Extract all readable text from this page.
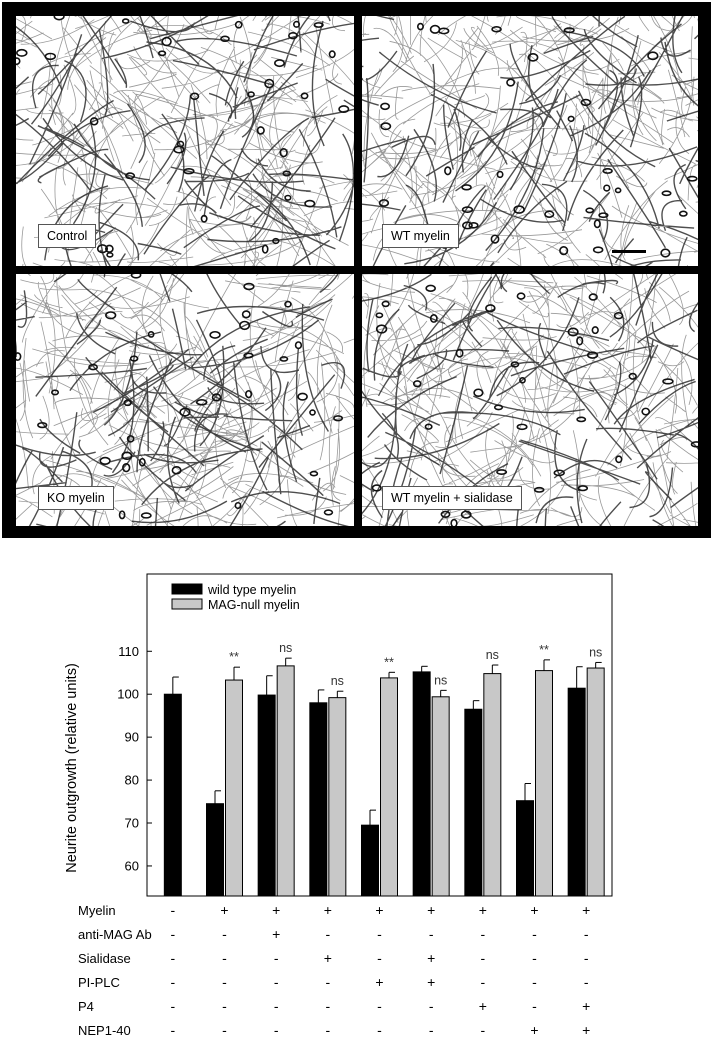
Control	WT myelin
KO myelin	WT myelin + sialidase
60
70
80
90
100
110
Neurite outgrowth (relative units)
**
ns
ns
**
ns
ns	**	ns
wild type myelin
MAG-null myelin
Myelin	-	+	+	+	+	+	+	+	+
anti-MAG Ab -	-	+	-	-	-	-	-	-
Sialidase	-	-	-	+	-	+	-	-	-
PI-PLC	-	-	-	-	+	+	-	-	-
P4	-	-	-	-	-	-	+	-	+
NEP1-40	-	-	-	-	-	-	-	+	+
